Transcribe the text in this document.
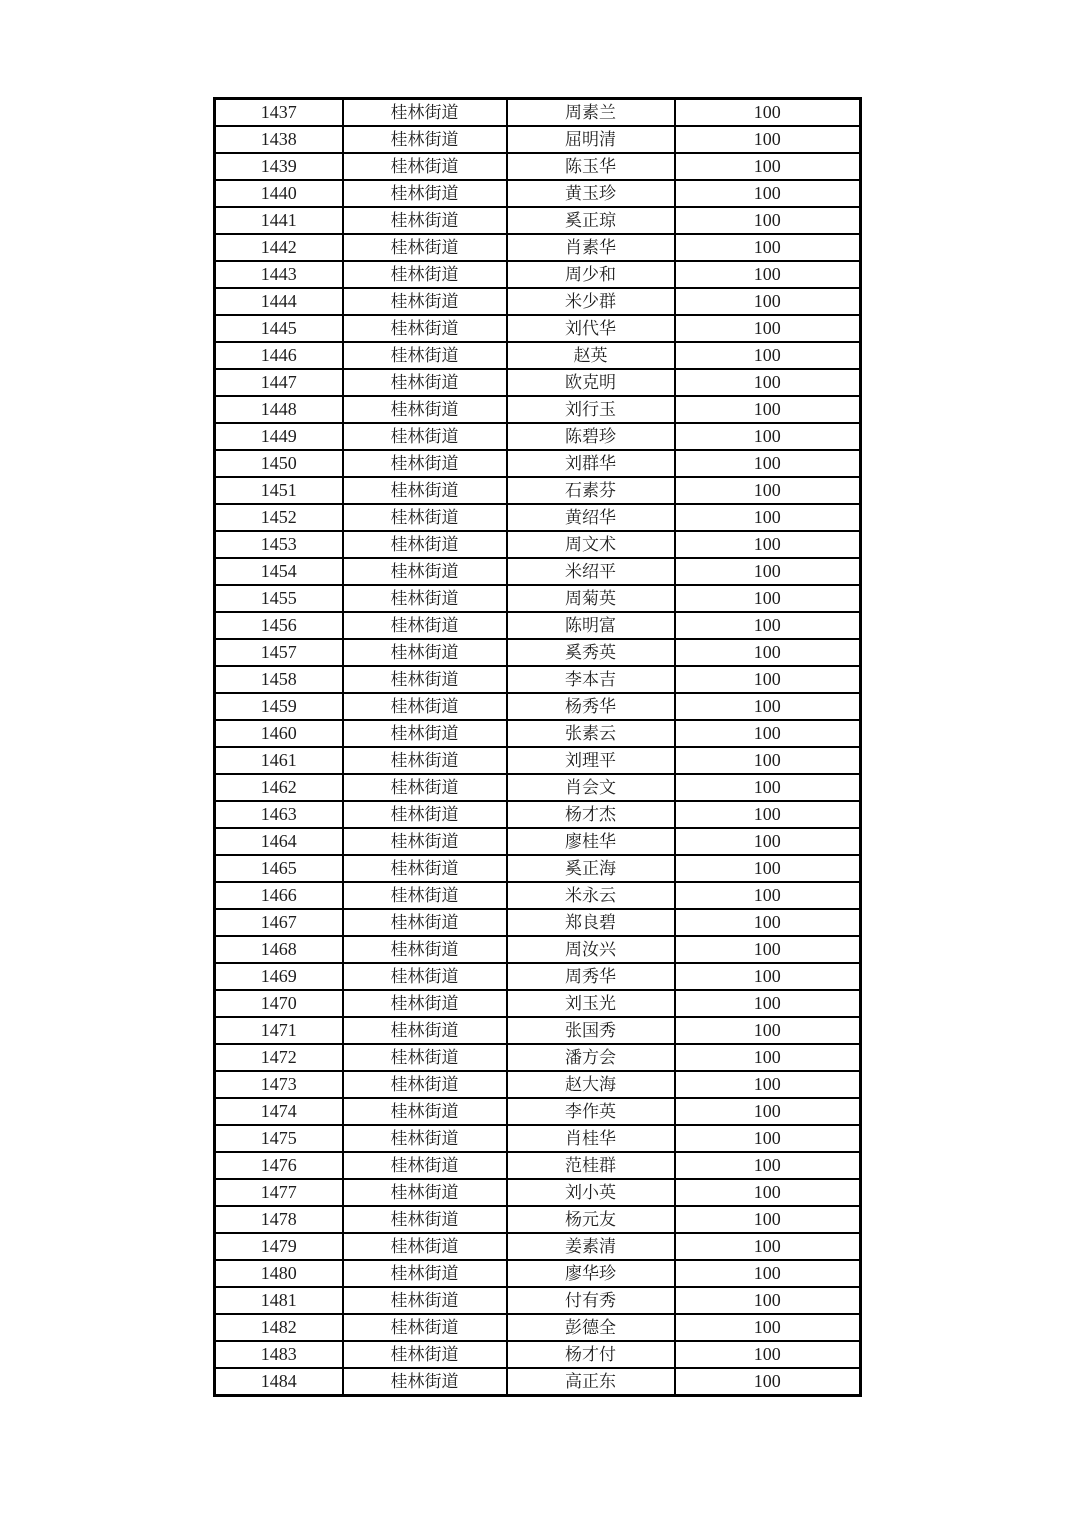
1437	桂林街道	周素兰	100
1438	桂林街道	屈明清	100
1439	桂林街道	陈玉华	100
1440	桂林街道	黄玉珍	100
1441	桂林街道	奚正琼	100
1442	桂林街道	肖素华	100
1443	桂林街道	周少和	100
1444	桂林街道	米少群	100
1445	桂林街道	刘代华	100
1446	桂林街道	赵英	100
1447	桂林街道	欧克明	100
1448	桂林街道	刘行玉	100
1449	桂林街道	陈碧珍	100
1450	桂林街道	刘群华	100
1451	桂林街道	石素芬	100
1452	桂林街道	黄绍华	100
1453	桂林街道	周文术	100
1454	桂林街道	米绍平	100
1455	桂林街道	周菊英	100
1456	桂林街道	陈明富	100
1457	桂林街道	奚秀英	100
1458	桂林街道	李本吉	100
1459	桂林街道	杨秀华	100
1460	桂林街道	张素云	100
1461	桂林街道	刘理平	100
1462	桂林街道	肖会文	100
1463	桂林街道	杨才杰	100
1464	桂林街道	廖桂华	100
1465	桂林街道	奚正海	100
1466	桂林街道	米永云	100
1467	桂林街道	郑良碧	100
1468	桂林街道	周汝兴	100
1469	桂林街道	周秀华	100
1470	桂林街道	刘玉光	100
1471	桂林街道	张国秀	100
1472	桂林街道	潘方会	100
1473	桂林街道	赵大海	100
1474	桂林街道	李作英	100
1475	桂林街道	肖桂华	100
1476	桂林街道	范桂群	100
1477	桂林街道	刘小英	100
1478	桂林街道	杨元友	100
1479	桂林街道	姜素清	100
1480	桂林街道	廖华珍	100
1481	桂林街道	付有秀	100
1482	桂林街道	彭德全	100
1483	桂林街道	杨才付	100
1484	桂林街道	高正东	100
